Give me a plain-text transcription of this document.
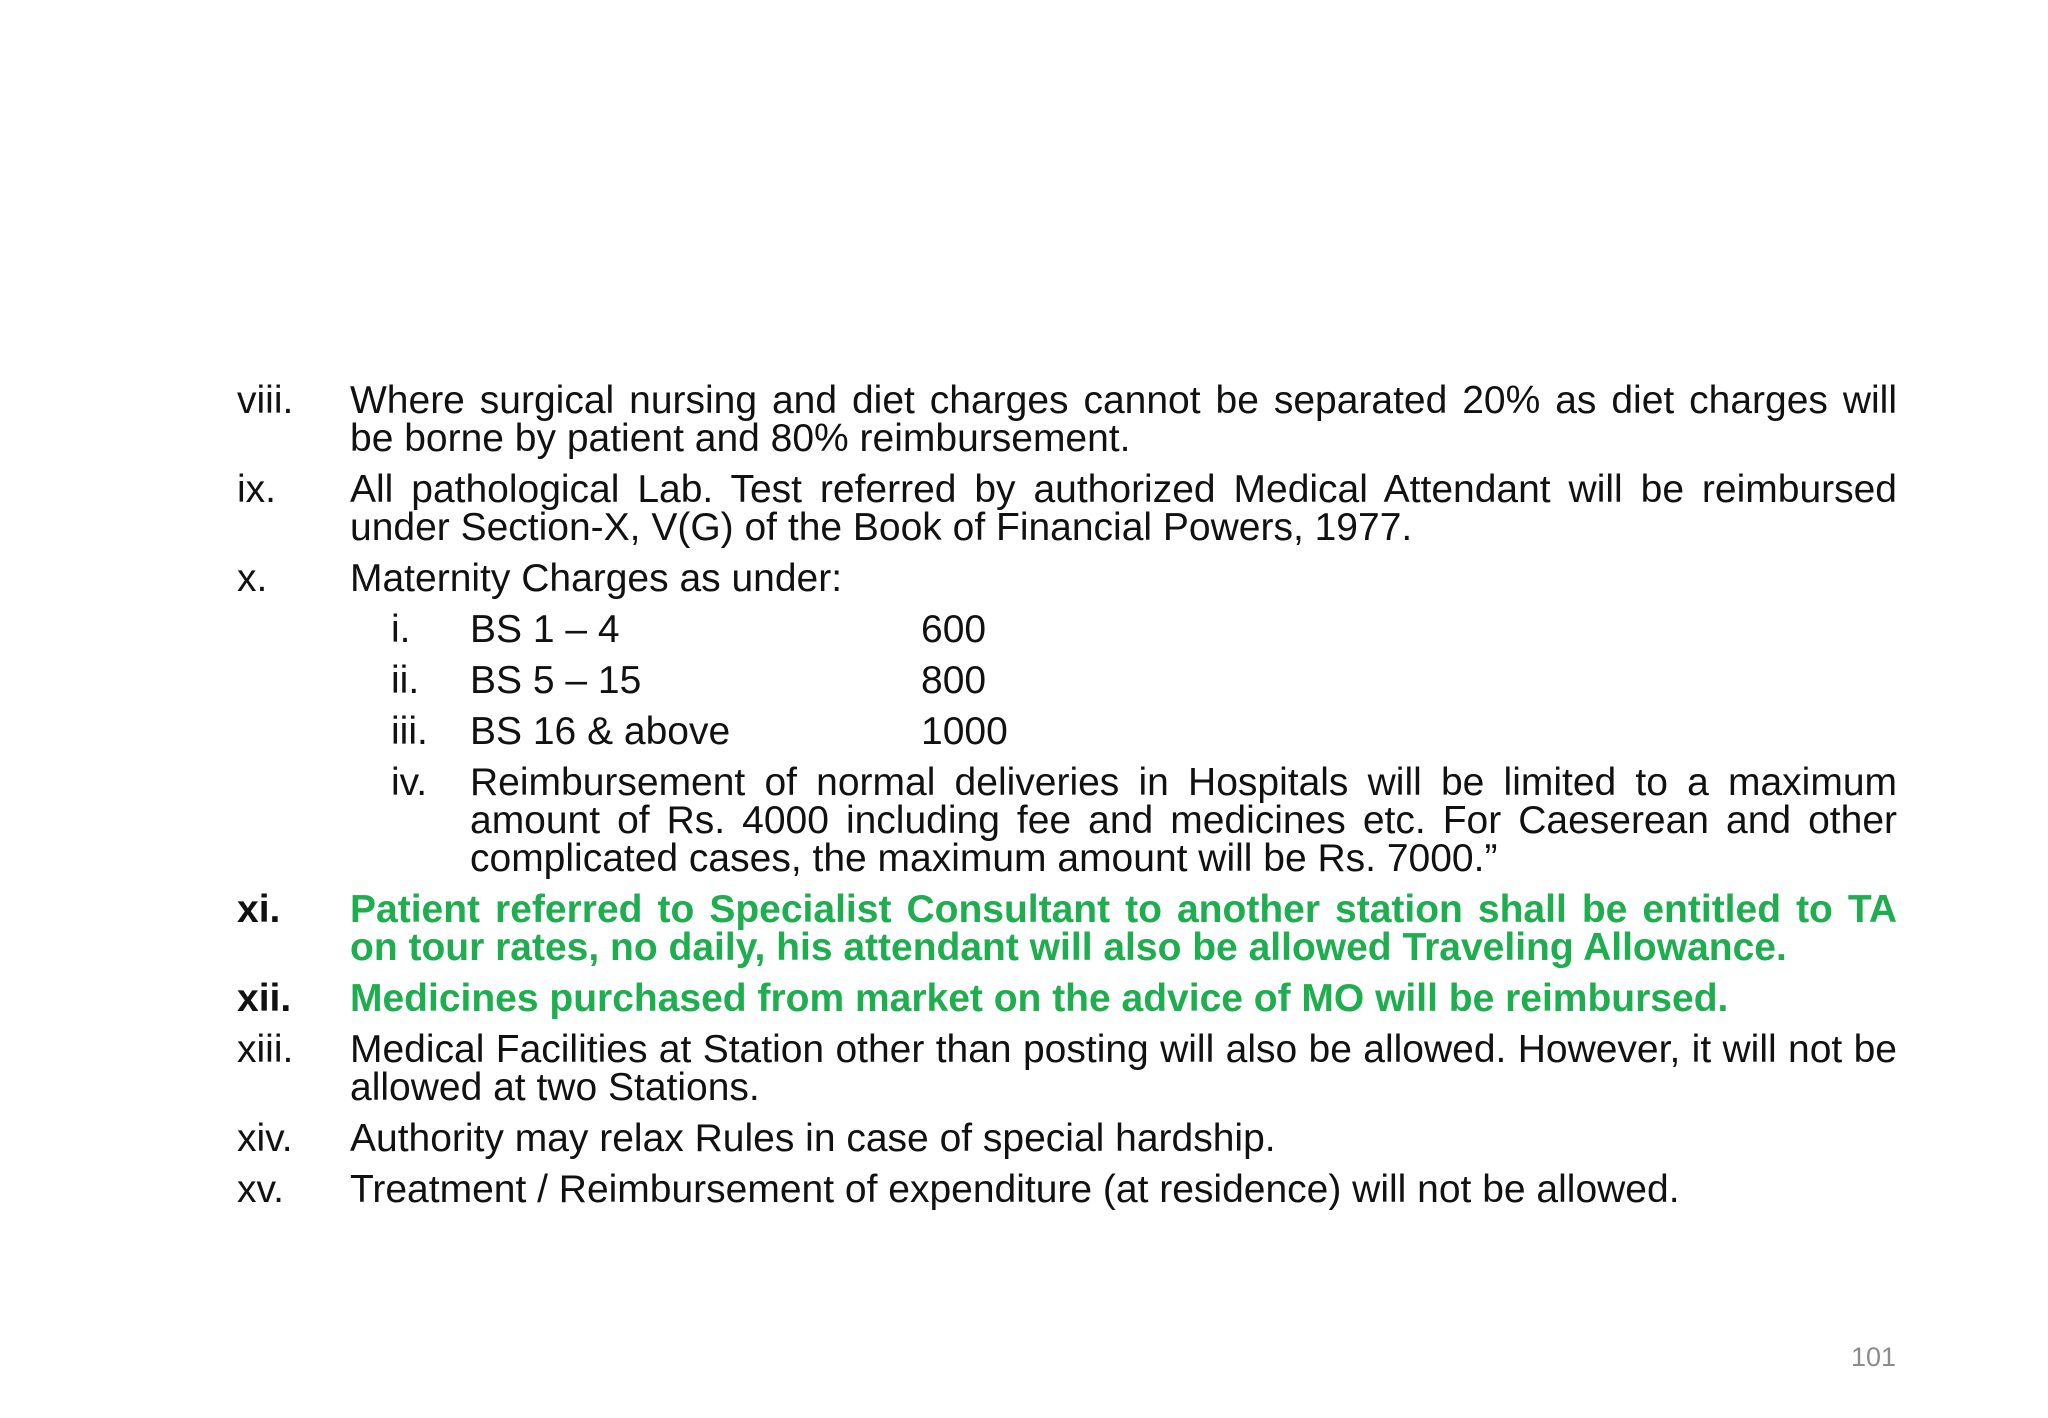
viii.	Where surgical nursing and diet charges cannot be separated 20% as diet charges will be borne by patient and 80% reimbursement.
ix.	All pathological Lab. Test referred by authorized Medical Attendant will be reimbursed under Section-X, V(G) of the Book of Financial Powers, 1977.
x.	Maternity Charges as under:
i.	BS 1 – 4	600
ii.	BS 5 – 15	800
iii.	BS 16 & above	1000
iv.	Reimbursement of normal deliveries in Hospitals will be limited to a maximum amount of Rs. 4000 including fee and medicines etc. For Caeserean and other complicated cases, the maximum amount will be Rs. 7000.”
xi.	Patient referred to Specialist Consultant to another station shall be entitled to TA on tour rates, no daily, his attendant will also be allowed Traveling Allowance.
xii.	Medicines purchased from market on the advice of MO will be reimbursed.
xiii.	Medical Facilities at Station other than posting will also be allowed. However, it will not be allowed at two Stations.
xiv.	Authority may relax Rules in case of special hardship.
xv.	Treatment / Reimbursement of expenditure (at residence) will not be allowed.
101
